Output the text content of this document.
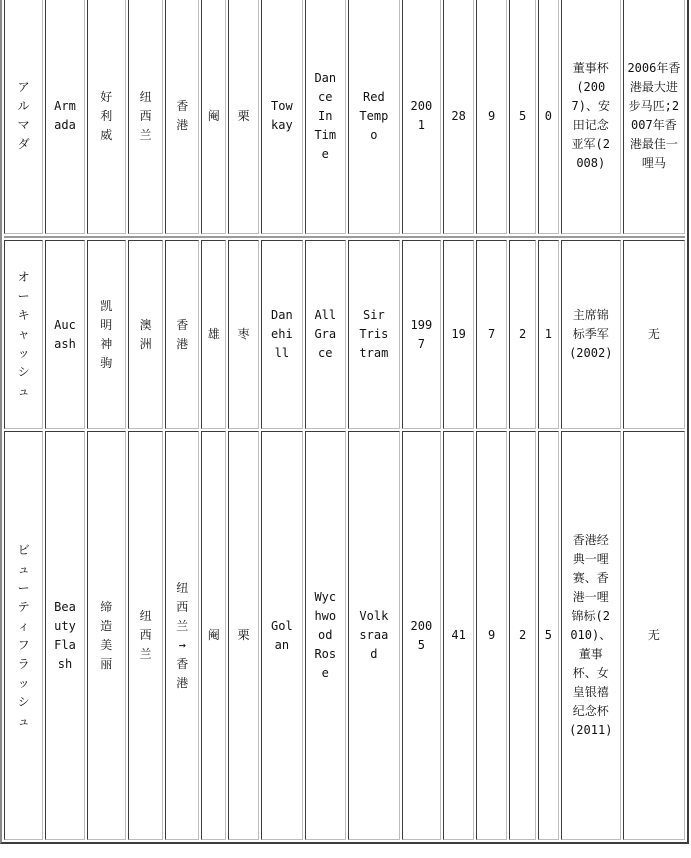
アルマダ	Armada	好利威	纽西兰	香港	阉	栗	Towkay	Dance In Time	Red Tempo	2001	28	9	5	0	董事杯(2007)、安田记念亚军(2008)	2006年香港最大进步马匹;2007年香港最佳一哩马

オーキャッシュ	Aucash	凯明神驹	澳洲	香港	雄	枣	Danehill	All Grace	Sir Tristram	1997	19	7	2	1	主席锦标季军(2002)	无
ビューティフラッシュ	Beauty Flash	缔造美丽	纽西兰	纽西兰→香港	阉	栗	Golan	Wychwood Rose	Volksraad	2005	41	9	2	5	香港经典一哩赛、香港一哩锦标(2010)、董事杯、女皇银禧纪念杯(2011)	无
